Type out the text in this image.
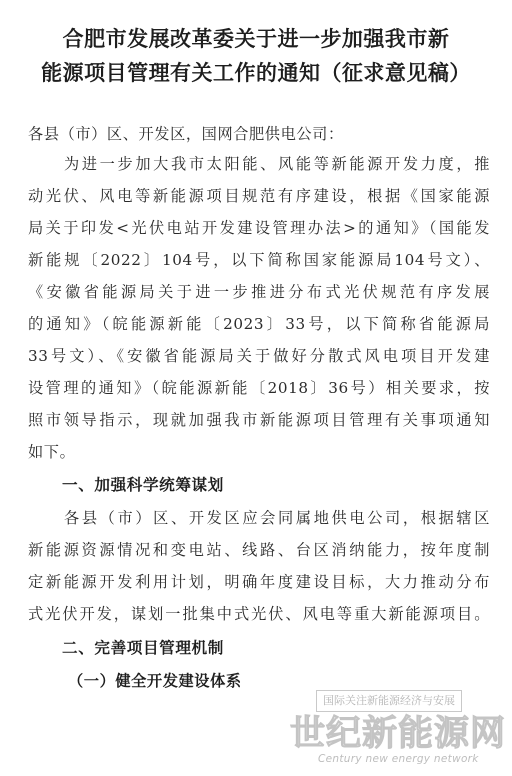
合肥市发展改革委关于进一步加强我市新
能源项目管理有关工作的通知（征求意见稿）
各县（市）区、开发区，国网合肥供电公司：
为进一步加大我市太阳能、风能等新能源开发力度，推
动光伏、风电等新能源项目规范有序建设，根据《国家能源
局关于印发<光伏电站开发建设管理办法>的通知》（国能发
新能规〔2022〕104号，以下简称国家能源局104号文）、
《安徽省能源局关于进一步推进分布式光伏规范有序发展
的通知》（皖能源新能〔2023〕33号，以下简称省能源局
33号文）、《安徽省能源局关于做好分散式风电项目开发建
设管理的通知》（皖能源新能〔2018〕36号）相关要求，按
照市领导指示，现就加强我市新能源项目管理有关事项通知
如下。
一、加强科学统筹谋划
各县（市）区、开发区应会同属地供电公司，根据辖区
新能源资源情况和变电站、线路、台区消纳能力，按年度制
定新能源开发利用计划，明确年度建设目标，大力推动分布
式光伏开发，谋划一批集中式光伏、风电等重大新能源项目。
二、完善项目管理机制
（一）健全开发建设体系
国际关注新能源经济与安展
世纪新能源网
Century new energy network
